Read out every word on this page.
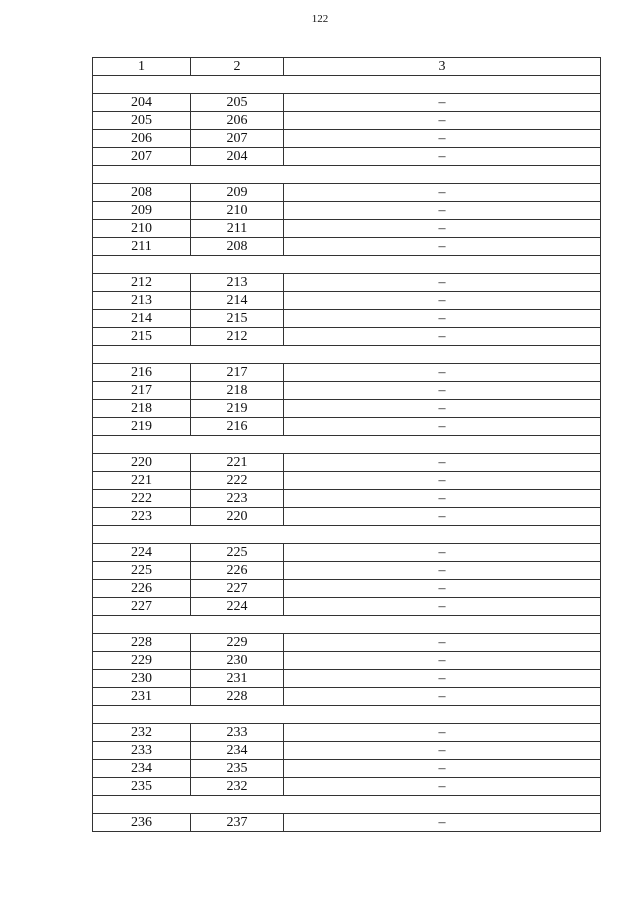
122
1	2	3

204	205	–
205	206	–
206	207	–
207	204	–

208	209	–
209	210	–
210	211	–
211	208	–

212	213	–
213	214	–
214	215	–
215	212	–

216	217	–
217	218	–
218	219	–
219	216	–

220	221	–
221	222	–
222	223	–
223	220	–

224	225	–
225	226	–
226	227	–
227	224	–

228	229	–
229	230	–
230	231	–
231	228	–

232	233	–
233	234	–
234	235	–
235	232	–

236	237	–
